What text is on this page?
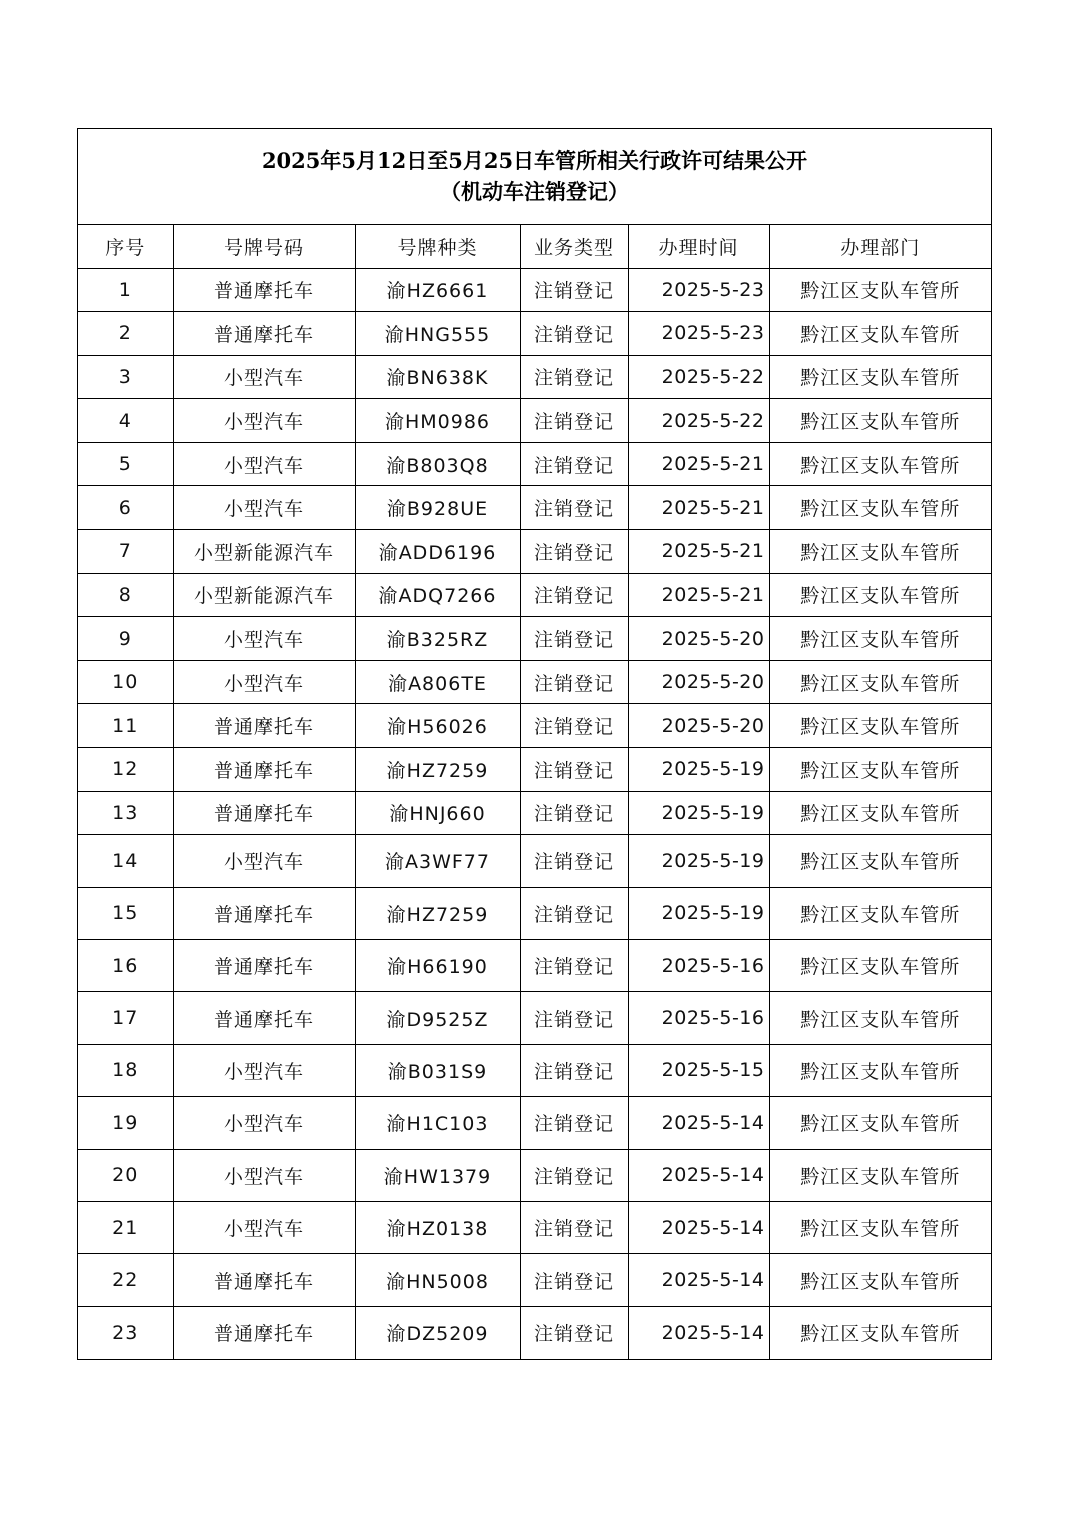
2025年5月12日至5月25日车管所相关行政许可结果公开
（机动车注销登记）
序号	号牌号码	号牌种类	业务类型	办理时间	办理部门
1	普通摩托车	渝HZ6661	注销登记	2025-5-23	黔江区支队车管所
2	普通摩托车	渝HNG555	注销登记	2025-5-23	黔江区支队车管所
3	小型汽车	渝BN638K	注销登记	2025-5-22	黔江区支队车管所
4	小型汽车	渝HM0986	注销登记	2025-5-22	黔江区支队车管所
5	小型汽车	渝B803Q8	注销登记	2025-5-21	黔江区支队车管所
6	小型汽车	渝B928UE	注销登记	2025-5-21	黔江区支队车管所
7	小型新能源汽车	渝ADD6196	注销登记	2025-5-21	黔江区支队车管所
8	小型新能源汽车	渝ADQ7266	注销登记	2025-5-21	黔江区支队车管所
9	小型汽车	渝B325RZ	注销登记	2025-5-20	黔江区支队车管所
10	小型汽车	渝A806TE	注销登记	2025-5-20	黔江区支队车管所
11	普通摩托车	渝H56026	注销登记	2025-5-20	黔江区支队车管所
12	普通摩托车	渝HZ7259	注销登记	2025-5-19	黔江区支队车管所
13	普通摩托车	渝HNJ660	注销登记	2025-5-19	黔江区支队车管所
14	小型汽车	渝A3WF77	注销登记	2025-5-19	黔江区支队车管所
15	普通摩托车	渝HZ7259	注销登记	2025-5-19	黔江区支队车管所
16	普通摩托车	渝H66190	注销登记	2025-5-16	黔江区支队车管所
17	普通摩托车	渝D9525Z	注销登记	2025-5-16	黔江区支队车管所
18	小型汽车	渝B031S9	注销登记	2025-5-15	黔江区支队车管所
19	小型汽车	渝H1C103	注销登记	2025-5-14	黔江区支队车管所
20	小型汽车	渝HW1379	注销登记	2025-5-14	黔江区支队车管所
21	小型汽车	渝HZ0138	注销登记	2025-5-14	黔江区支队车管所
22	普通摩托车	渝HN5008	注销登记	2025-5-14	黔江区支队车管所
23	普通摩托车	渝DZ5209	注销登记	2025-5-14	黔江区支队车管所
